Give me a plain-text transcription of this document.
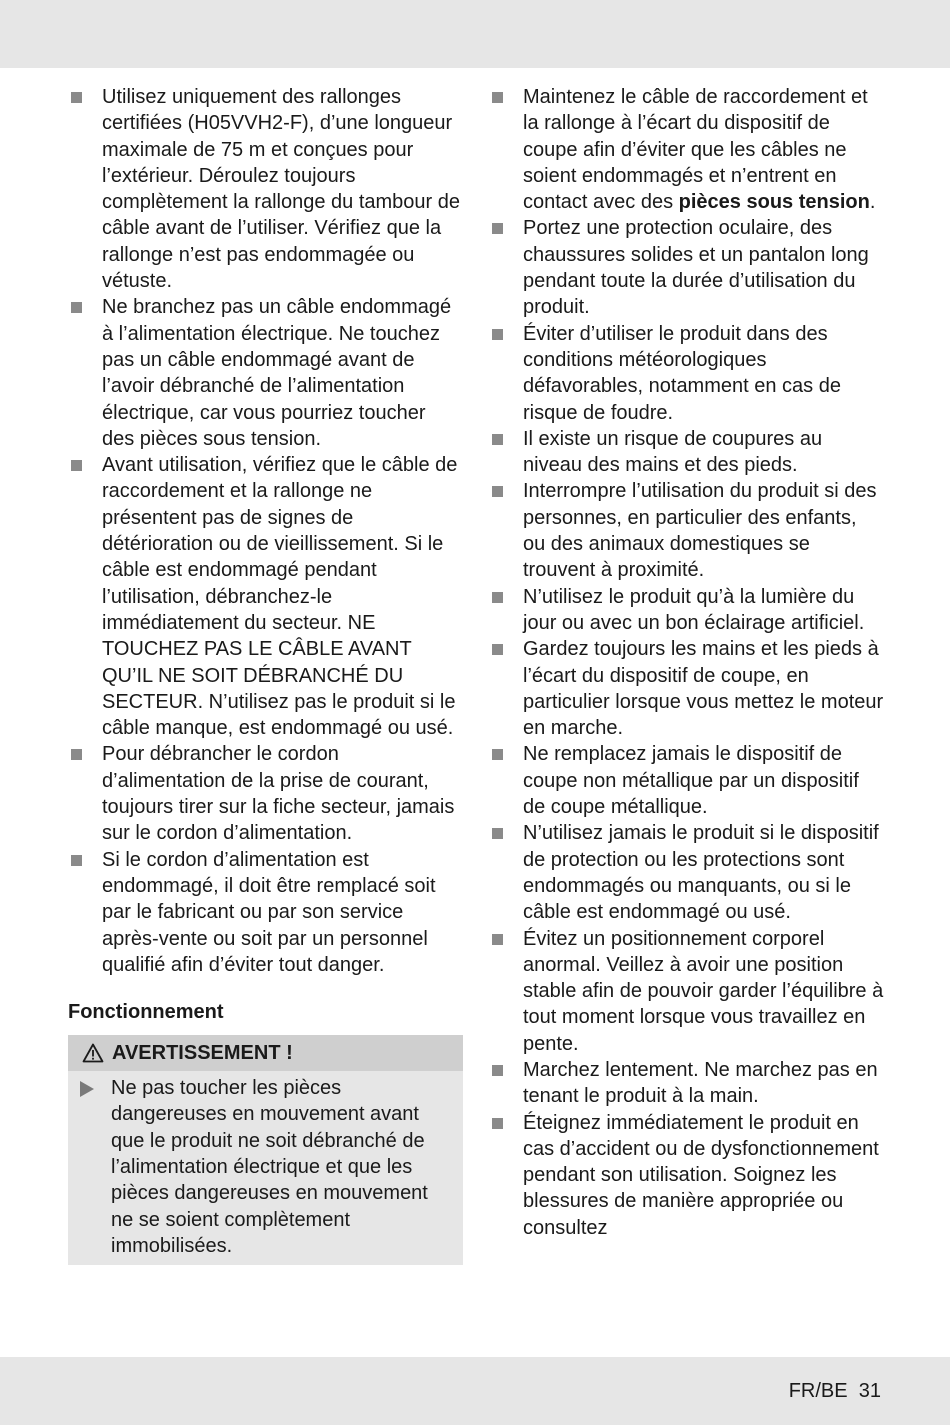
Utilisez uniquement des rallonges certifiées (H05VVH2-F), d’une longueur maximale de 75 m et conçues pour l’extérieur. Déroulez toujours complètement la rallonge du tambour de câble avant de l’utiliser. Vérifiez que la rallonge n’est pas endommagée ou vétuste.
Ne branchez pas un câble endommagé à l’alimentation électrique. Ne touchez pas un câble endommagé avant de l’avoir débranché de l’alimentation électrique, car vous pourriez toucher des pièces sous tension.
Avant utilisation, vérifiez que le câble de raccordement et la rallonge ne présentent pas de signes de détérioration ou de vieillissement. Si le câble est endommagé pendant l’utilisation, débranchez-le immédiatement du secteur. NE TOUCHEZ PAS LE CÂBLE AVANT QU’IL NE SOIT DÉBRANCHÉ DU SECTEUR. N’utilisez pas le produit si le câble manque, est endommagé ou usé.
Pour débrancher le cordon d’alimentation de la prise de courant, toujours tirer sur la fiche secteur, jamais sur le cordon d’alimentation.
Si le cordon d’alimentation est endommagé, il doit être remplacé soit par le fabricant ou par son service après-vente ou soit par un personnel qualifié afin d’éviter tout danger.
Fonctionnement
AVERTISSEMENT !
Ne pas toucher les pièces dangereuses en mouvement avant que le produit ne soit débranché de l’alimentation électrique et que les pièces dangereuses en mouvement ne se soient complètement immobilisées.
Maintenez le câble de raccordement et la rallonge à l’écart du dispositif de coupe afin d’éviter que les câbles ne soient endommagés et n’entrent en contact avec des pièces sous tension.
Portez une protection oculaire, des chaussures solides et un pantalon long pendant toute la durée d’utilisation du produit.
Éviter d’utiliser le produit dans des conditions météorologiques défavorables, notamment en cas de risque de foudre.
Il existe un risque de coupures au niveau des mains et des pieds.
Interrompre l’utilisation du produit si des personnes, en particulier des enfants, ou des animaux domestiques se trouvent à proximité.
N’utilisez le produit qu’à la lumière du jour ou avec un bon éclairage artificiel.
Gardez toujours les mains et les pieds à l’écart du dispositif de coupe, en particulier lorsque vous mettez le moteur en marche.
Ne remplacez jamais le dispositif de coupe non métallique par un dispositif de coupe métallique.
N’utilisez jamais le produit si le dispositif de protection ou les protections sont endommagés ou manquants, ou si le câble est endommagé ou usé.
Évitez un positionnement corporel anormal. Veillez à avoir une position stable afin de pouvoir garder l’équilibre à tout moment lorsque vous travaillez en pente.
Marchez lentement. Ne marchez pas en tenant le produit à la main.
Éteignez immédiatement le produit en cas d’accident ou de dysfonctionnement pendant son utilisation. Soignez les blessures de manière appropriée ou consultez
FR/BE 31
